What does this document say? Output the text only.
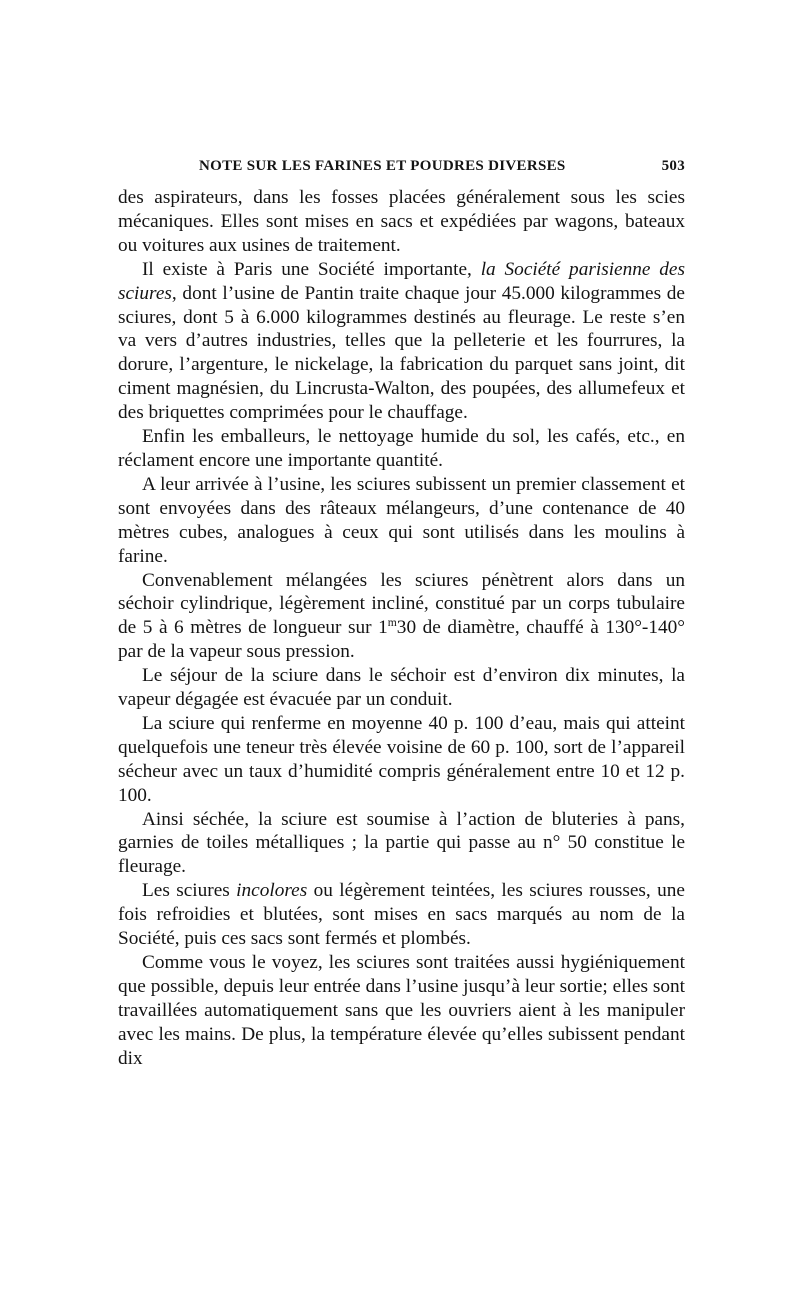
NOTE SUR LES FARINES ET POUDRES DIVERSES	503

des aspirateurs, dans les fosses placées généralement sous les scies mécaniques. Elles sont mises en sacs et expédiées par wagons, bateaux ou voitures aux usines de traitement.

Il existe à Paris une Société importante, la Société parisienne des sciures, dont l’usine de Pantin traite chaque jour 45.000 kilogrammes de sciures, dont 5 à 6.000 kilogrammes destinés au fleurage. Le reste s’en va vers d’autres industries, telles que la pelleterie et les fourrures, la dorure, l’argenture, le nickelage, la fabrication du parquet sans joint, dit ciment magnésien, du Lincrusta-Walton, des poupées, des allumefeux et des briquettes comprimées pour le chauffage.

Enfin les emballeurs, le nettoyage humide du sol, les cafés, etc., en réclament encore une importante quantité.

A leur arrivée à l’usine, les sciures subissent un premier classement et sont envoyées dans des râteaux mélangeurs, d’une contenance de 40 mètres cubes, analogues à ceux qui sont utilisés dans les moulins à farine.

Convenablement mélangées les sciures pénètrent alors dans un séchoir cylindrique, légèrement incliné, constitué par un corps tubulaire de 5 à 6 mètres de longueur sur 1$^m$30 de diamètre, chauffé à 130°-140° par de la vapeur sous pression.

Le séjour de la sciure dans le séchoir est d’environ dix minutes, la vapeur dégagée est évacuée par un conduit.

La sciure qui renferme en moyenne 40 p. 100 d’eau, mais qui atteint quelquefois une teneur très élevée voisine de 60 p. 100, sort de l’appareil sécheur avec un taux d’humidité compris généralement entre 10 et 12 p. 100.

Ainsi séchée, la sciure est soumise à l’action de bluteries à pans, garnies de toiles métalliques ; la partie qui passe au n° 50 constitue le fleurage.

Les sciures incolores ou légèrement teintées, les sciures rousses, une fois refroidies et blutées, sont mises en sacs marqués au nom de la Société, puis ces sacs sont fermés et plombés.

Comme vous le voyez, les sciures sont traitées aussi hygiéniquement que possible, depuis leur entrée dans l’usine jusqu’à leur sortie; elles sont travaillées automatiquement sans que les ouvriers aient à les manipuler avec les mains. De plus, la température élevée qu’elles subissent pendant dix
